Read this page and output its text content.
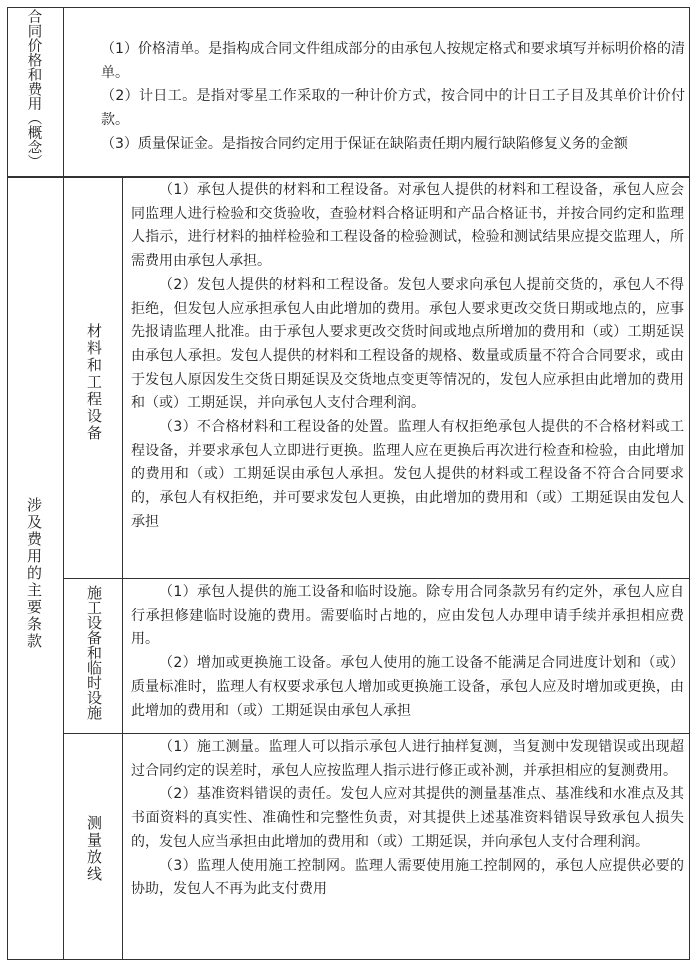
合同价格和费用（概念）	（1）价格清单。是指构成合同文件组成部分的由承包人按规定格式和要求填写并标明价格的清单。

（2）计日工。是指对零星工作采取的一种计价方式，按合同中的计日工子目及其单价计价付款。

（3）质量保证金。是指按合同约定用于保证在缺陷责任期内履行缺陷修复义务的金额

涉及费用的主要条款
材料和工程设备

（1）承包人提供的材料和工程设备。对承包人提供的材料和工程设备，承包人应会同监理人进行检验和交货验收，查验材料合格证明和产品合格证书，并按合同约定和监理人指示，进行材料的抽样检验和工程设备的检验测试，检验和测试结果应提交监理人，所需费用由承包人承担。

（2）发包人提供的材料和工程设备。发包人要求向承包人提前交货的，承包人不得拒绝，但发包人应承担承包人由此增加的费用。承包人要求更改交货日期或地点的，应事先报请监理人批准。由于承包人要求更改交货时间或地点所增加的费用和（或）工期延误由承包人承担。发包人提供的材料和工程设备的规格、数量或质量不符合合同要求，或由于发包人原因发生交货日期延误及交货地点变更等情况的，发包人应承担由此增加的费用和（或）工期延误，并向承包人支付合理利润。

（3）不合格材料和工程设备的处置。监理人有权拒绝承包人提供的不合格材料或工程设备，并要求承包人立即进行更换。监理人应在更换后再次进行检查和检验，由此增加的费用和（或）工期延误由承包人承担。发包人提供的材料或工程设备不符合合同要求的，承包人有权拒绝，并可要求发包人更换，由此增加的费用和（或）工期延误由发包人承担

施工设备和临时设施	（1）承包人提供的施工设备和临时设施。除专用合同条款另有约定外，承包人应自行承担修建临时设施的费用。需要临时占地的，应由发包人办理申请手续并承担相应费用。

（2）增加或更换施工设备。承包人使用的施工设备不能满足合同进度计划和（或）质量标准时，监理人有权要求承包人增加或更换施工设备，承包人应及时增加或更换，由此增加的费用和（或）工期延误由承包人承担

测量放线

（1）施工测量。监理人可以指示承包人进行抽样复测，当复测中发现错误或出现超过合同约定的误差时，承包人应按监理人指示进行修正或补测，并承担相应的复测费用。

（2）基准资料错误的责任。发包人应对其提供的测量基准点、基准线和水准点及其书面资料的真实性、准确性和完整性负责，对其提供上述基准资料错误导致承包人损失的，发包人应当承担由此增加的费用和（或）工期延误，并向承包人支付合理利润。

（3）监理人使用施工控制网。监理人需要使用施工控制网的，承包人应提供必要的协助，发包人不再为此支付费用
